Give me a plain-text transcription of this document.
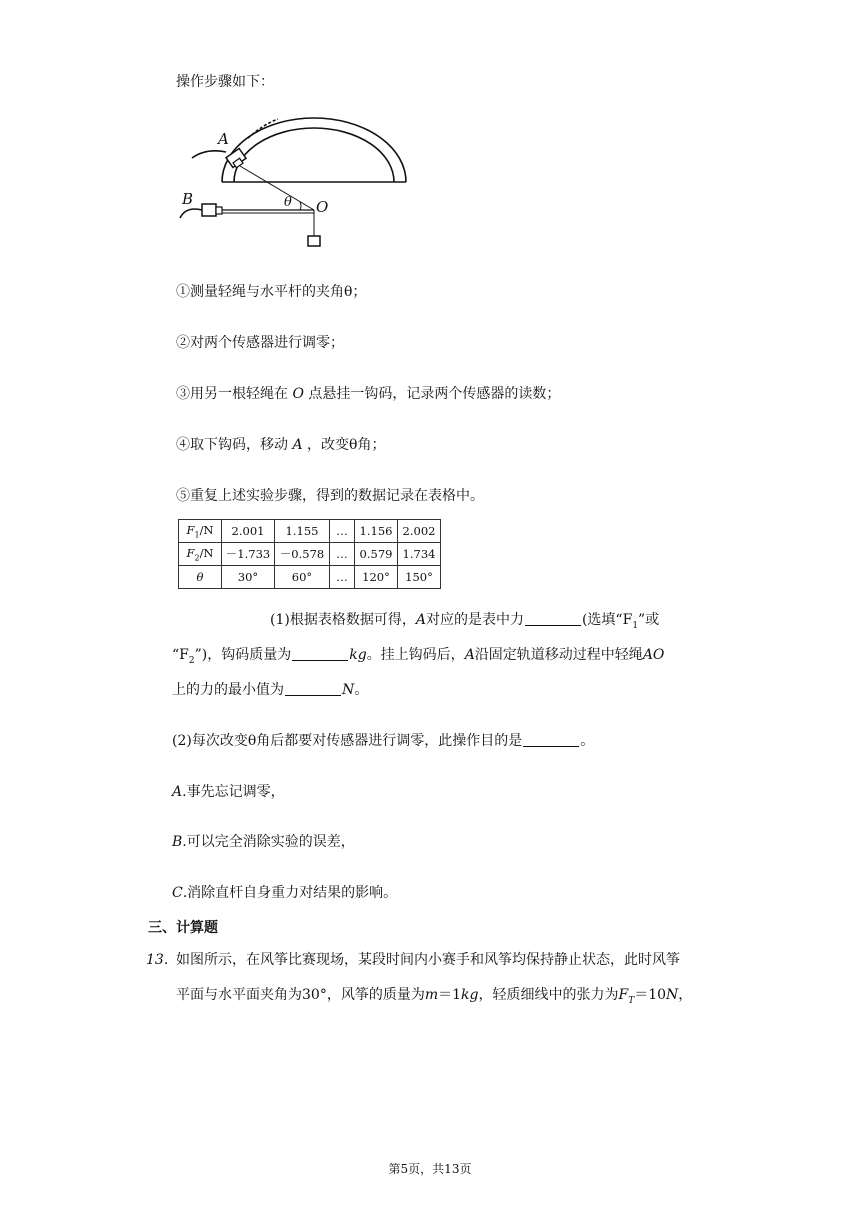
操作步骤如下：
A
B	O
θ
①测量轻绳与水平杆的夹角θ；
②对两个传感器进行调零；
③用另一根轻绳在 O 点悬挂一钩码，记录两个传感器的读数；
④取下钩码，移动 A ，改变θ角；
⑤重复上述实验步骤，得到的数据记录在表格中。
$F_1/N$	2.001	1.155	…	1.156	2.002
$F_2/N$	－1.733	－0.578	…	0.579	1.734
θ	30°	60°	…	120°	150°
(1)根据表格数据可得，A对应的是表中力	(选填“$F_1$”或
“$F_2$”)，钩码质量为	kg。挂上钩码后，A沿固定轨道移动过程中轻绳AO
上的力的最小值为	N。
(2)每次改变θ角后都要对传感器进行调零，此操作目的是	。
A.事先忘记调零，
B.可以完全消除实验的误差，
C.消除直杆自身重力对结果的影响。
三、计算题
13. 如图所示，在风筝比赛现场，某段时间内小赛手和风筝均保持静止状态，此时风筝
平面与水平面夹角为30°，风筝的质量为m＝1kg，轻质细线中的张力为$F_T=10N$，
第5页，共13页
